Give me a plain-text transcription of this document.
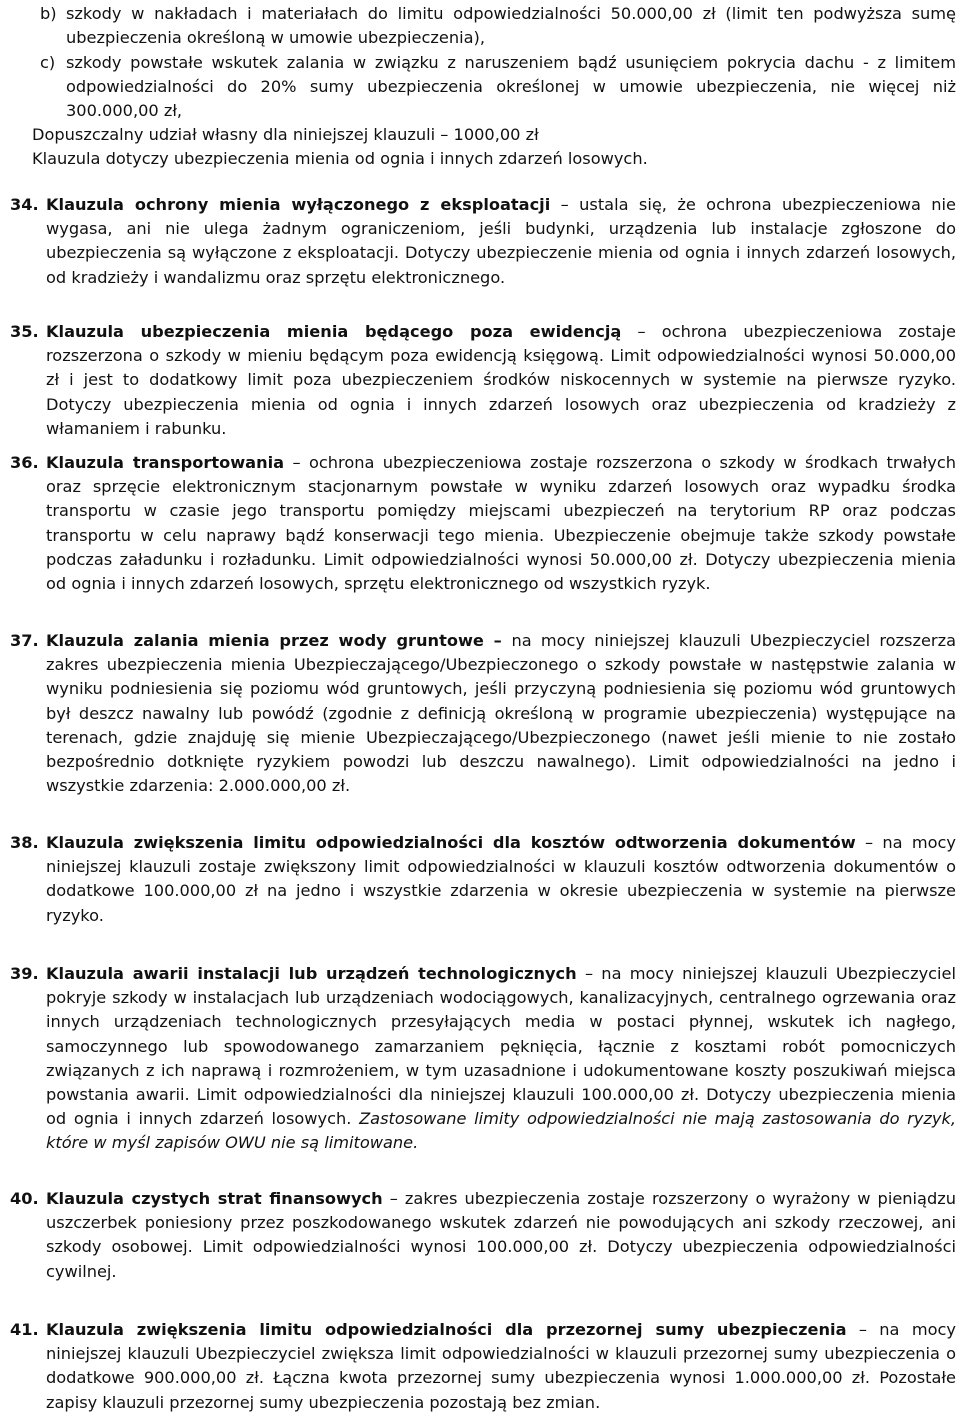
b) szkody w nakładach i materiałach do limitu odpowiedzialności 50.000,00 zł (limit ten podwyższa sumę ubezpieczenia określoną w umowie ubezpieczenia),

c) szkody powstałe wskutek zalania w związku z naruszeniem bądź usunięciem pokrycia dachu - z limitem odpowiedzialności do 20% sumy ubezpieczenia określonej w umowie ubezpieczenia, nie więcej niż 300.000,00 zł,

Dopuszczalny udział własny dla niniejszej klauzuli – 1000,00 zł

Klauzula dotyczy ubezpieczenia mienia od ognia i innych zdarzeń losowych.

34. Klauzula ochrony mienia wyłączonego z eksploatacji – ustala się, że ochrona ubezpieczeniowa nie wygasa, ani nie ulega żadnym ograniczeniom, jeśli budynki, urządzenia lub instalacje zgłoszone do ubezpieczenia są wyłączone z eksploatacji. Dotyczy ubezpieczenie mienia od ognia i innych zdarzeń losowych, od kradzieży i wandalizmu oraz sprzętu elektronicznego.
35. Klauzula ubezpieczenia mienia będącego poza ewidencją – ochrona ubezpieczeniowa zostaje rozszerzona o szkody w mieniu będącym poza ewidencją księgową. Limit odpowiedzialności wynosi 50.000,00 zł i jest to dodatkowy limit poza ubezpieczeniem środków niskocennych w systemie na pierwsze ryzyko. Dotyczy ubezpieczenia mienia od ognia i innych zdarzeń losowych oraz ubezpieczenia od kradzieży z włamaniem i rabunku.
36. Klauzula transportowania – ochrona ubezpieczeniowa zostaje rozszerzona o szkody w środkach trwałych oraz sprzęcie elektronicznym stacjonarnym powstałe w wyniku zdarzeń losowych oraz wypadku środka transportu w czasie jego transportu pomiędzy miejscami ubezpieczeń na terytorium RP oraz podczas transportu w celu naprawy bądź konserwacji tego mienia. Ubezpieczenie obejmuje także szkody powstałe podczas załadunku i rozładunku. Limit odpowiedzialności wynosi 50.000,00 zł. Dotyczy ubezpieczenia mienia od ognia i innych zdarzeń losowych, sprzętu elektronicznego od wszystkich ryzyk.
37. Klauzula zalania mienia przez wody gruntowe – na mocy niniejszej klauzuli Ubezpieczyciel rozszerza zakres ubezpieczenia mienia Ubezpieczającego/Ubezpieczonego o szkody powstałe w następstwie zalania w wyniku podniesienia się poziomu wód gruntowych, jeśli przyczyną podniesienia się poziomu wód gruntowych był deszcz nawalny lub powódź (zgodnie z definicją określoną w programie ubezpieczenia) występujące na terenach, gdzie znajduję się mienie Ubezpieczającego/Ubezpieczonego (nawet jeśli mienie to nie zostało bezpośrednio dotknięte ryzykiem powodzi lub deszczu nawalnego). Limit odpowiedzialności na jedno i wszystkie zdarzenia: 2.000.000,00 zł.
38. Klauzula zwiększenia limitu odpowiedzialności dla kosztów odtworzenia dokumentów – na mocy niniejszej klauzuli zostaje zwiększony limit odpowiedzialności w klauzuli kosztów odtworzenia dokumentów o dodatkowe 100.000,00 zł na jedno i wszystkie zdarzenia w okresie ubezpieczenia w systemie na pierwsze ryzyko.
39. Klauzula awarii instalacji lub urządzeń technologicznych – na mocy niniejszej klauzuli Ubezpieczyciel pokryje szkody w instalacjach lub urządzeniach wodociągowych, kanalizacyjnych, centralnego ogrzewania oraz innych urządzeniach technologicznych przesyłających media w postaci płynnej, wskutek ich nagłego, samoczynnego lub spowodowanego zamarzaniem pęknięcia, łącznie z kosztami robót pomocniczych związanych z ich naprawą i rozmrożeniem, w tym uzasadnione i udokumentowane koszty poszukiwań miejsca powstania awarii. Limit odpowiedzialności dla niniejszej klauzuli 100.000,00 zł. Dotyczy ubezpieczenia mienia od ognia i innych zdarzeń losowych. Zastosowane limity odpowiedzialności nie mają zastosowania do ryzyk, które w myśl zapisów OWU nie są limitowane.
40. Klauzula czystych strat finansowych – zakres ubezpieczenia zostaje rozszerzony o wyrażony w pieniądzu uszczerbek poniesiony przez poszkodowanego wskutek zdarzeń nie powodujących ani szkody rzeczowej, ani szkody osobowej. Limit odpowiedzialności wynosi 100.000,00 zł. Dotyczy ubezpieczenia odpowiedzialności cywilnej.
41. Klauzula zwiększenia limitu odpowiedzialności dla przezornej sumy ubezpieczenia – na mocy niniejszej klauzuli Ubezpieczyciel zwiększa limit odpowiedzialności w klauzuli przezornej sumy ubezpieczenia o dodatkowe 900.000,00 zł. Łączna kwota przezornej sumy ubezpieczenia wynosi 1.000.000,00 zł. Pozostałe zapisy klauzuli przezornej sumy ubezpieczenia pozostają bez zmian.
